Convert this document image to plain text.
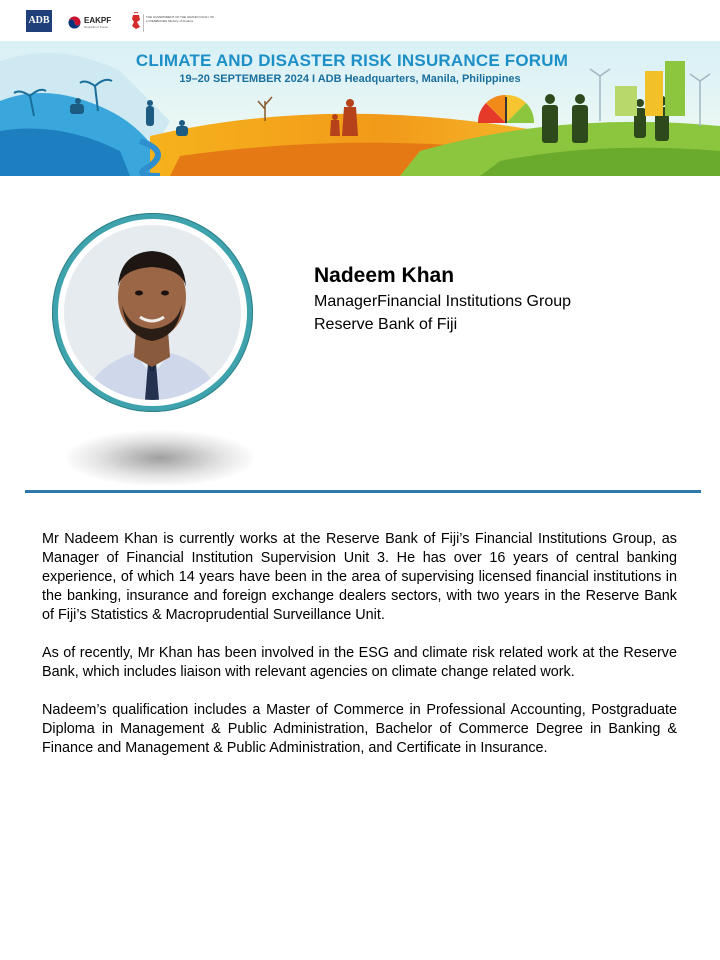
ADB	EAKPF
Republic of Korea
THE GOVERNMENT OF THE GRAND DUCHY OF LUXEMBOURG Ministry of Finance
CLIMATE AND DISASTER RISK INSURANCE FORUM
19–20 SEPTEMBER 2024 I ADB Headquarters, Manila, Philippines
Nadeem Khan
ManagerFinancial Institutions Group
Reserve Bank of Fiji

Mr Nadeem Khan is currently works at the Reserve Bank of Fiji’s Financial Institutions Group, as Manager of Financial Institution Supervision Unit 3. He has over 16 years of central banking experience, of which 14 years have been in the area of supervising licensed financial institutions in the banking, insurance and foreign exchange dealers sectors, with two years in the Reserve Bank of Fiji’s Statistics & Macroprudential Surveillance Unit.

As of recently, Mr Khan has been involved in the ESG and climate risk related work at the Reserve Bank, which includes liaison with relevant agencies on climate change related work.

Nadeem’s qualification includes a Master of Commerce in Professional Accounting, Postgraduate Diploma in Management & Public Administration, Bachelor of Commerce Degree in Banking & Finance and Management & Public Administration, and Certificate in Insurance.
